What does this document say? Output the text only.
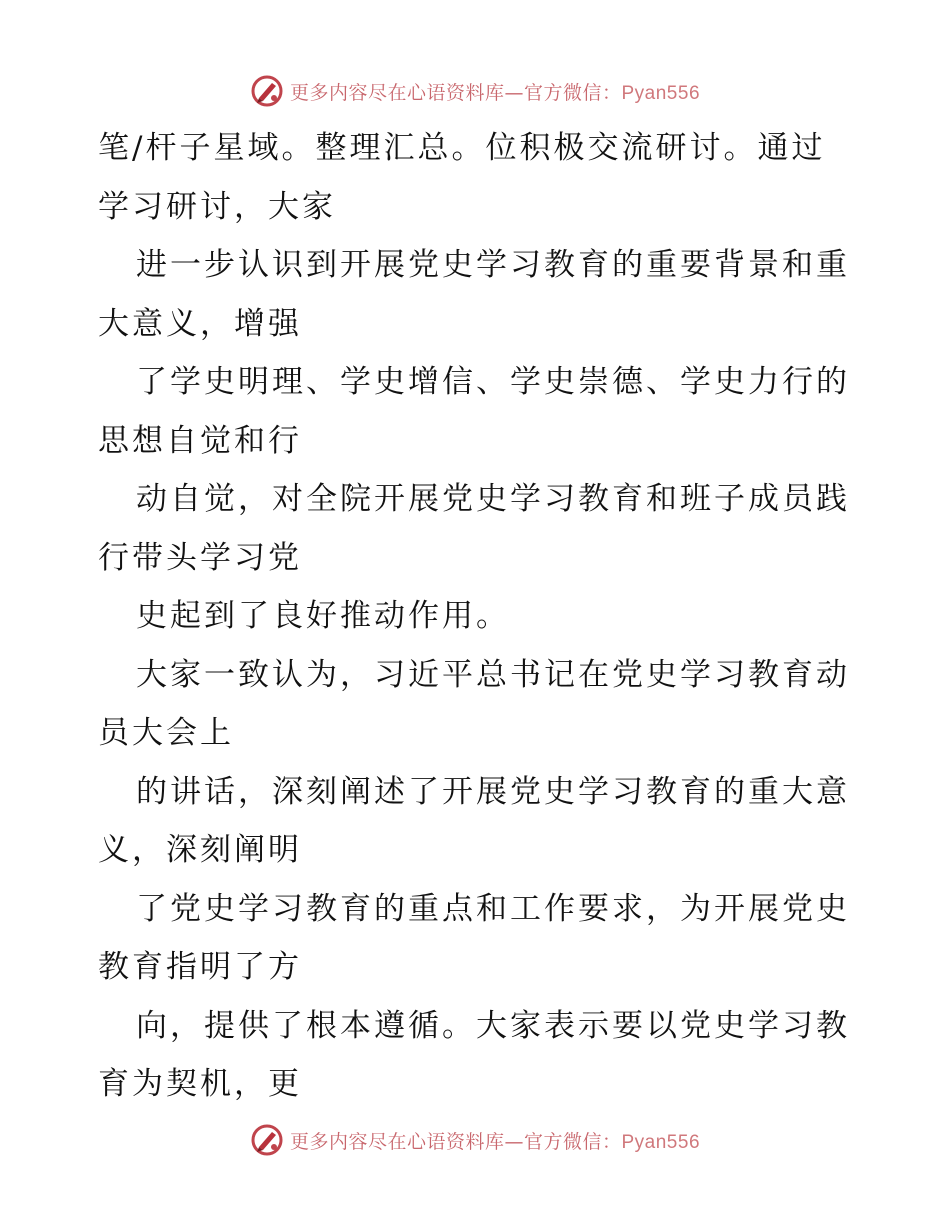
更多内容尽在心语资料库—官方微信：Pyan556
笔/杆子星域。整理汇总。位积极交流研讨。通过
学习研讨，大家
进一步认识到开展党史学习教育的重要背景和重
大意义，增强
了学史明理、学史增信、学史崇德、学史力行的
思想自觉和行
动自觉，对全院开展党史学习教育和班子成员践
行带头学习党
史起到了良好推动作用。
大家一致认为，习近平总书记在党史学习教育动
员大会上
的讲话，深刻阐述了开展党史学习教育的重大意
义，深刻阐明
了党史学习教育的重点和工作要求，为开展党史
教育指明了方
向，提供了根本遵循。大家表示要以党史学习教
育为契机，更
更多内容尽在心语资料库—官方微信：Pyan556
